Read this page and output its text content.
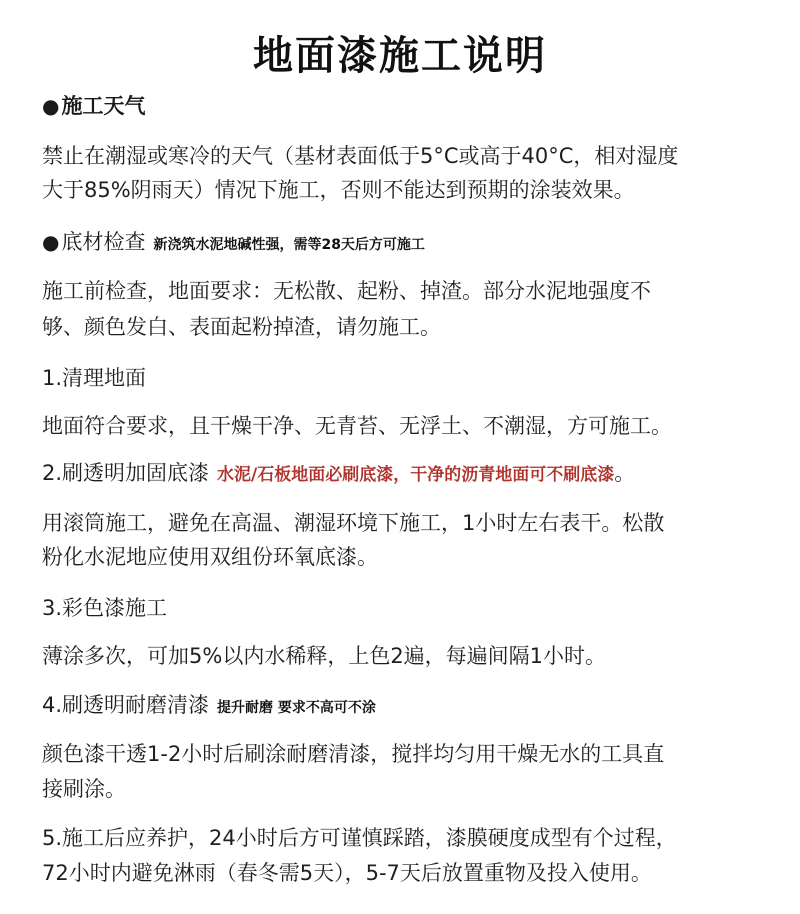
地面漆施工说明
●施工天气
禁止在潮湿或寒冷的天气（基材表面低于5°C或高于40°C，相对湿度
大于85%阴雨天）情况下施工，否则不能达到预期的涂装效果。
●底材检查 新浇筑水泥地碱性强，需等28天后方可施工
施工前检查，地面要求：无松散、起粉、掉渣。部分水泥地强度不
够、颜色发白、表面起粉掉渣，请勿施工。
1.清理地面
地面符合要求，且干燥干净、无青苔、无浮土、不潮湿，方可施工。
2.刷透明加固底漆 水泥/石板地面必刷底漆，干净的沥青地面可不刷底漆。
用滚筒施工，避免在高温、潮湿环境下施工，1小时左右表干。松散
粉化水泥地应使用双组份环氧底漆。
3.彩色漆施工
薄涂多次，可加5%以内水稀释，上色2遍，每遍间隔1小时。
4.刷透明耐磨清漆 提升耐磨 要求不高可不涂
颜色漆干透1-2小时后刷涂耐磨清漆，搅拌均匀用干燥无水的工具直
接刷涂。
5.施工后应养护，24小时后方可谨慎踩踏，漆膜硬度成型有个过程，
72小时内避免淋雨（春冬需5天），5-7天后放置重物及投入使用。
